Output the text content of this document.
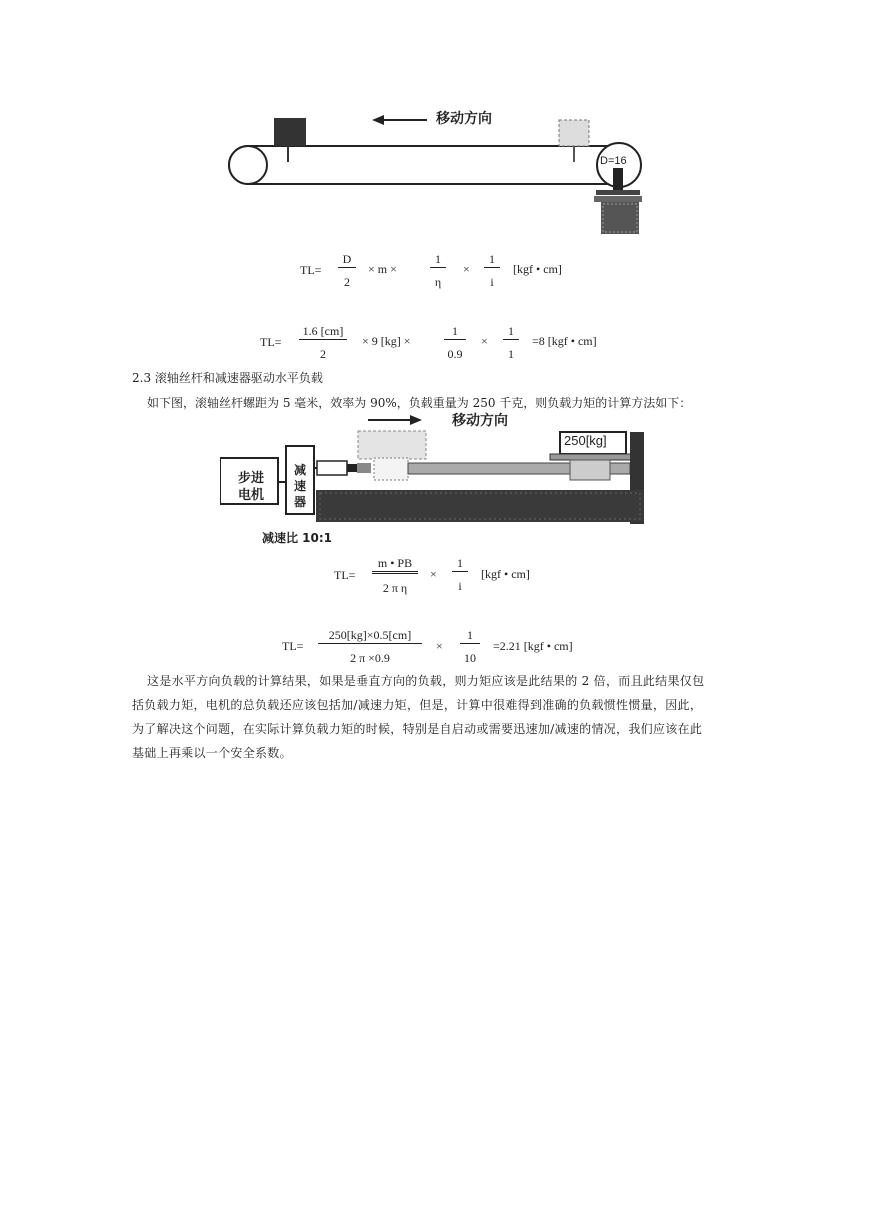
移动方向
D=16
$TL= \frac{D}{2} \times m$ ×	$\frac{1}{\eta} \times \frac{1}{i} [kgf$ • cm]
$TL= \frac{1.6 [cm]}{2} \times 9$ [kg] ×	$\frac{1}{0.9} \times \frac{1}{1} =8$ [kgf • cm]
2.3 滚轴丝杆和减速器驱动水平负载
如下图，滚轴丝杆螺距为 5 毫米，效率为 90%，负载重量为 250 千克，则负载力矩的计算方法如下：
移动方向
250[kg]
步进
电机
减
速
器
减速比 10:1
$TL= \frac{m • PB}{\text{2 π η}} \times \frac{1}{i} [kgf$ • cm]
$TL= \frac{250[kg]\times 0.5[cm]}{2 \pi \times 0.9} \times \frac{1}{10} =2.21$ [kgf • cm]
这是水平方向负载的计算结果，如果是垂直方向的负载，则力矩应该是此结果的 2 倍，而且此结果仅包
括负载力矩，电机的总负载还应该包括加/减速力矩，但是，计算中很难得到准确的负载惯性惯量，因此，
为了解决这个问题，在实际计算负载力矩的时候，特别是自启动或需要迅速加/减速的情况，我们应该在此
基础上再乘以一个安全系数。
